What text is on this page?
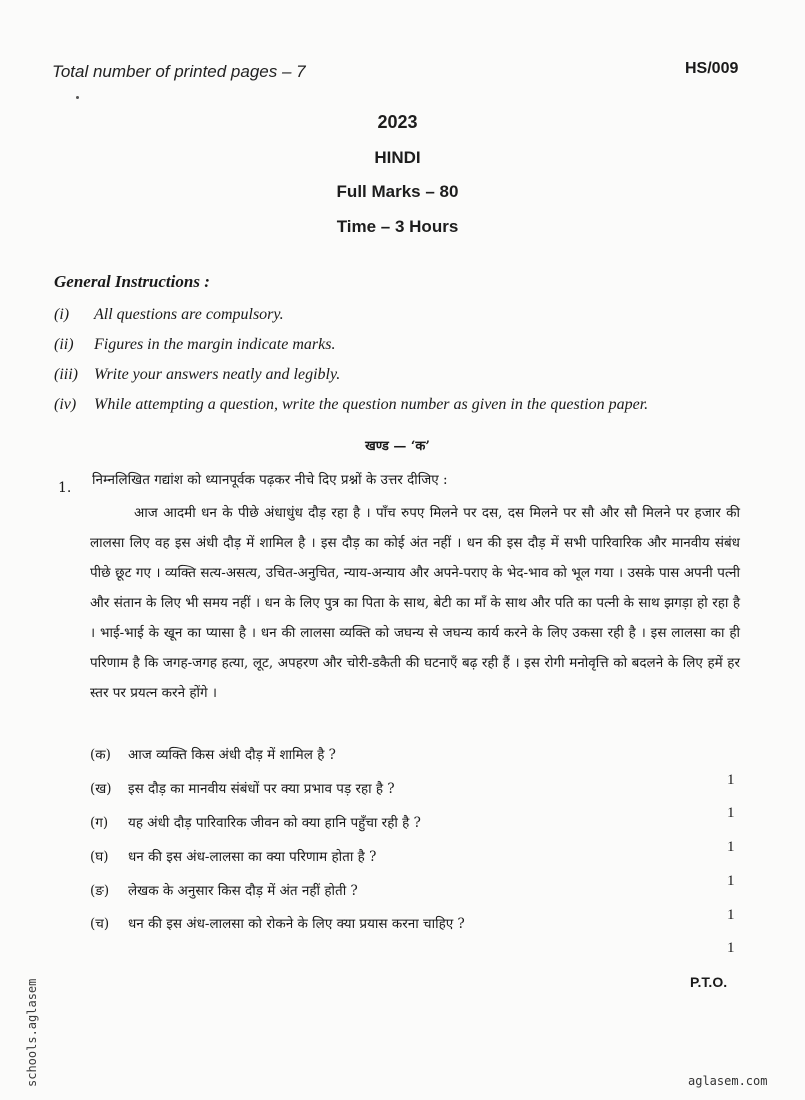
Total number of printed pages – 7	HS/009
2023
HINDI
Full Marks – 80
Time – 3 Hours
General Instructions :
(i) All questions are compulsory.
(ii) Figures in the margin indicate marks.
(iii) Write your answers neatly and legibly.
(iv) While attempting a question, write the question number as given in the question paper.
खण्ड — ‘क’
1. निम्नलिखित गद्यांश को ध्यानपूर्वक पढ़कर नीचे दिए प्रश्नों के उत्तर दीजिए :
आज आदमी धन के पीछे अंधाधुंध दौड़ रहा है । पाँच रुपए मिलने पर दस, दस मिलने पर सौ और सौ मिलने पर हजार की लालसा लिए वह इस अंधी दौड़ में शामिल है । इस दौड़ का कोई अंत नहीं । धन की इस दौड़ में सभी पारिवारिक और मानवीय संबंध पीछे छूट गए । व्यक्ति सत्य-असत्य, उचित-अनुचित, न्याय-अन्याय और अपने-पराए के भेद-भाव को भूल गया । उसके पास अपनी पत्नी और संतान के लिए भी समय नहीं । धन के लिए पुत्र का पिता के साथ, बेटी का माँ के साथ और पति का पत्नी के साथ झगड़ा हो रहा है । भाई-भाई के खून का प्यासा है । धन की लालसा व्यक्ति को जघन्य से जघन्य कार्य करने के लिए उकसा रही है । इस लालसा का ही परिणाम है कि जगह-जगह हत्या, लूट, अपहरण और चोरी-डकैती की घटनाएँ बढ़ रही हैं । इस रोगी मनोवृत्ति को बदलने के लिए हमें हर स्तर पर प्रयत्न करने होंगे ।
(क) आज व्यक्ति किस अंधी दौड़ में शामिल है ?
1
(ख) इस दौड़ का मानवीय संबंधों पर क्या प्रभाव पड़ रहा है ?
1
(ग) यह अंधी दौड़ पारिवारिक जीवन को क्या हानि पहुँचा रही है ?
1
(घ) धन की इस अंध-लालसा का क्या परिणाम होता है ?
1
(ङ) लेखक के अनुसार किस दौड़ में अंत नहीं होती ?
1
(च) धन की इस अंध-लालसा को रोकने के लिए क्या प्रयास करना चाहिए ?
1
P.T.O.
schools.aglasem	aglasem.com
